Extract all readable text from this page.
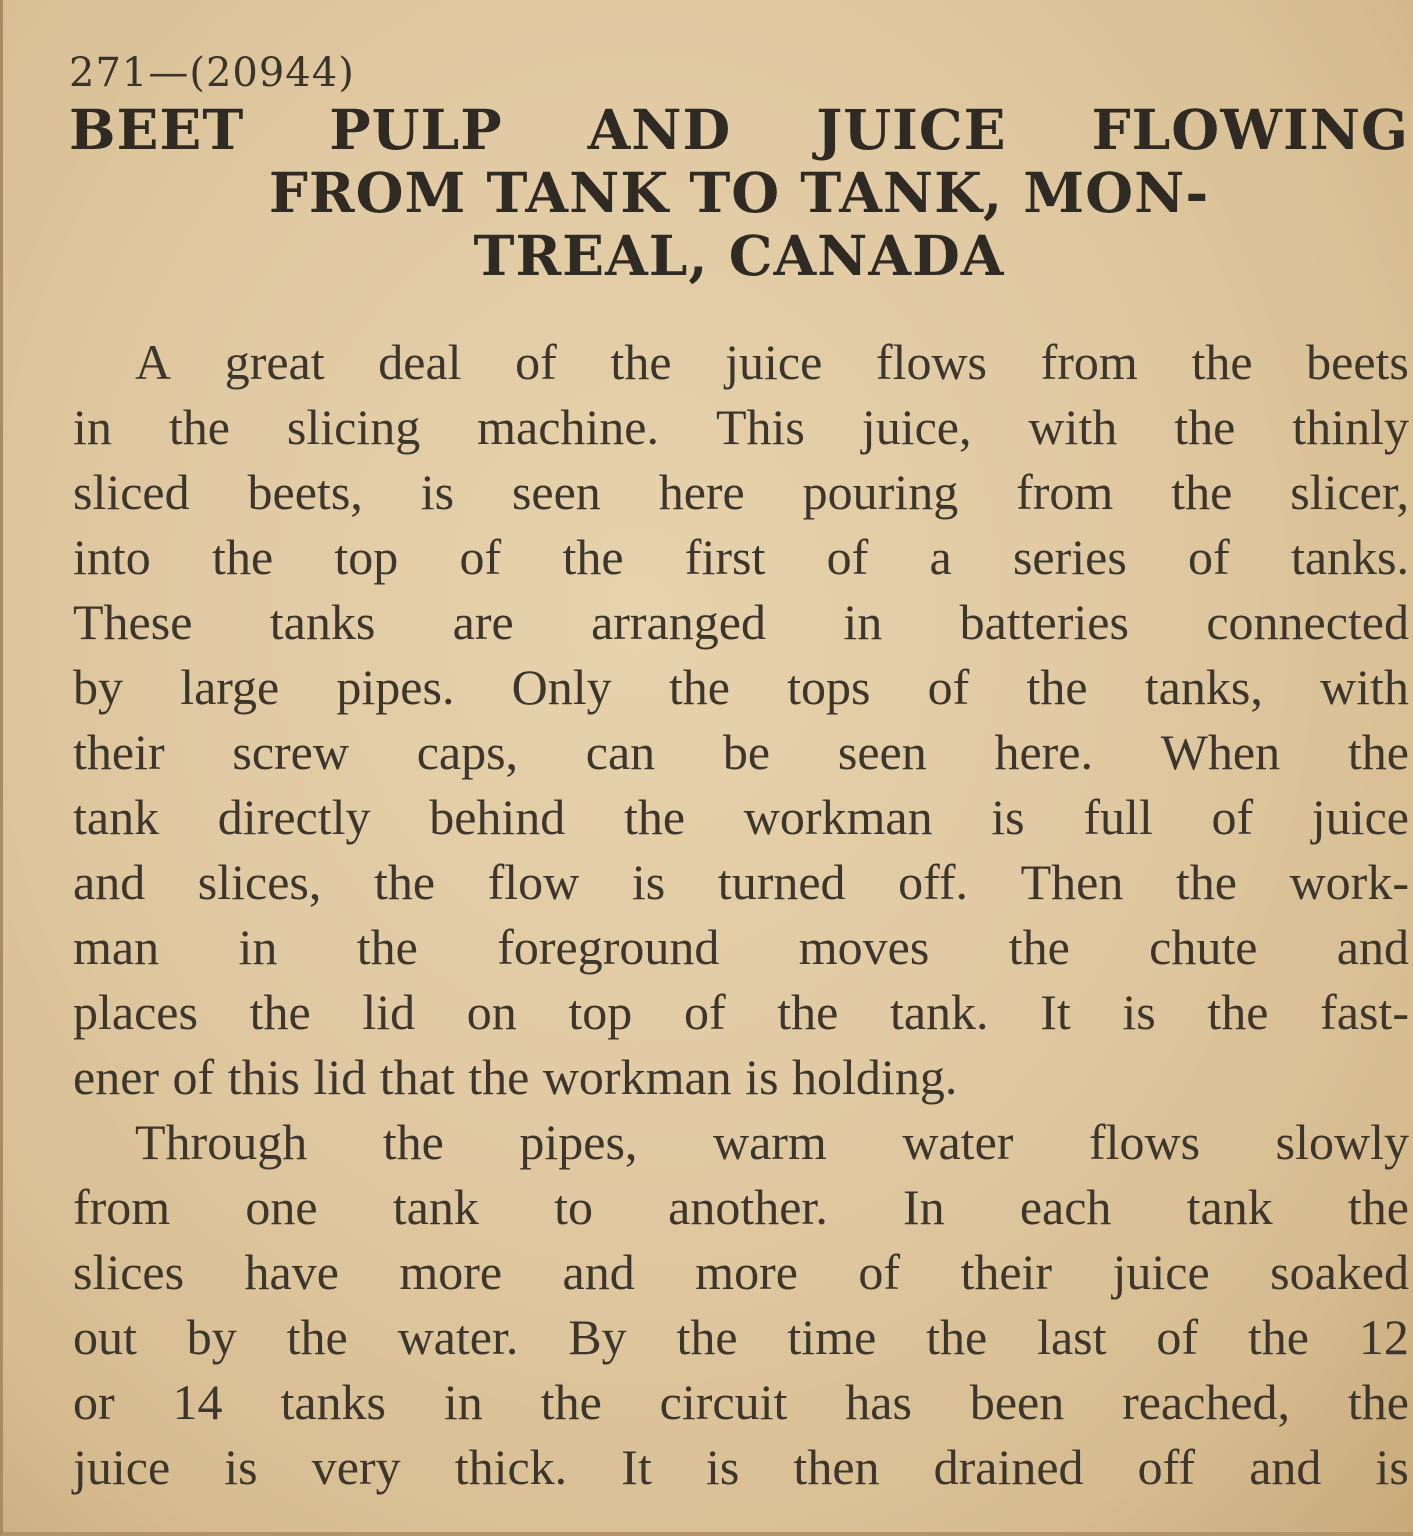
271—(20944)

BEET PULP AND JUICE FLOWING
FROM TANK TO TANK, MON-
TREAL, CANADA
A great deal of the juice flows from the beets
in the slicing machine. This juice, with the thinly
sliced beets, is seen here pouring from the slicer,
into the top of the first of a series of tanks.
These tanks are arranged in batteries connected
by large pipes. Only the tops of the tanks, with
their screw caps, can be seen here. When the
tank directly behind the workman is full of juice
and slices, the flow is turned off. Then the work-
man in the foreground moves the chute and
places the lid on top of the tank. It is the fast-
ener of this lid that the workman is holding.
Through the pipes, warm water flows slowly
from one tank to another. In each tank the
slices have more and more of their juice soaked
out by the water. By the time the last of the 12
or 14 tanks in the circuit has been reached, the
juice is very thick. It is then drained off and is
